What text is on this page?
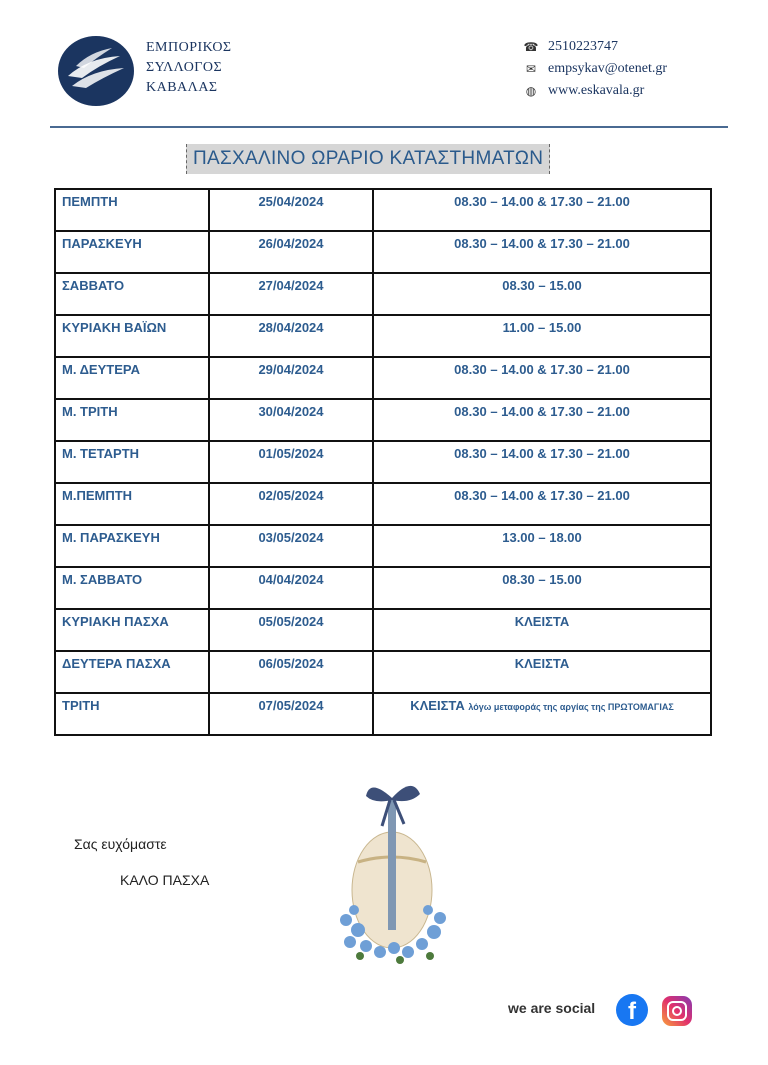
ΕΜΠΟΡΙΚΟΣ
ΣΥΛΛΟΓΟΣ
ΚΑΒΑΛΑΣ
☎ 2510223747
✉ empsykav@otenet.gr
◍ www.eskavala.gr
ΠΑΣΧΑΛΙΝΟ ΩΡΑΡΙΟ ΚΑΤΑΣΤΗΜΑΤΩΝ
ΠΕΜΠΤΗ	25/04/2024	08.30 – 14.00 & 17.30 – 21.00
ΠΑΡΑΣΚΕΥΗ	26/04/2024	08.30 – 14.00 & 17.30 – 21.00
ΣΑΒΒΑΤΟ	27/04/2024	08.30 – 15.00
ΚΥΡΙΑΚΗ ΒΑΪΩΝ	28/04/2024	11.00 – 15.00
Μ. ΔΕΥΤΕΡΑ	29/04/2024	08.30 – 14.00 & 17.30 – 21.00
Μ. ΤΡΙΤΗ	30/04/2024	08.30 – 14.00 & 17.30 – 21.00
Μ. ΤΕΤΑΡΤΗ	01/05/2024	08.30 – 14.00 & 17.30 – 21.00
Μ.ΠΕΜΠΤΗ	02/05/2024	08.30 – 14.00 & 17.30 – 21.00
Μ. ΠΑΡΑΣΚΕΥΗ	03/05/2024	13.00 – 18.00
Μ. ΣΑΒΒΑΤΟ	04/04/2024	08.30 – 15.00
ΚΥΡΙΑΚΗ ΠΑΣΧΑ	05/05/2024	ΚΛΕΙΣΤΑ
ΔΕΥΤΕΡΑ ΠΑΣΧΑ	06/05/2024	ΚΛΕΙΣΤΑ
ΤΡΙΤΗ	07/05/2024	ΚΛΕΙΣΤΑ λόγω μεταφοράς της αργίας της ΠΡΩΤΟΜΑΓΙΑΣ
Σας ευχόμαστε
ΚΑΛΟ ΠΑΣΧΑ
we are social	f
